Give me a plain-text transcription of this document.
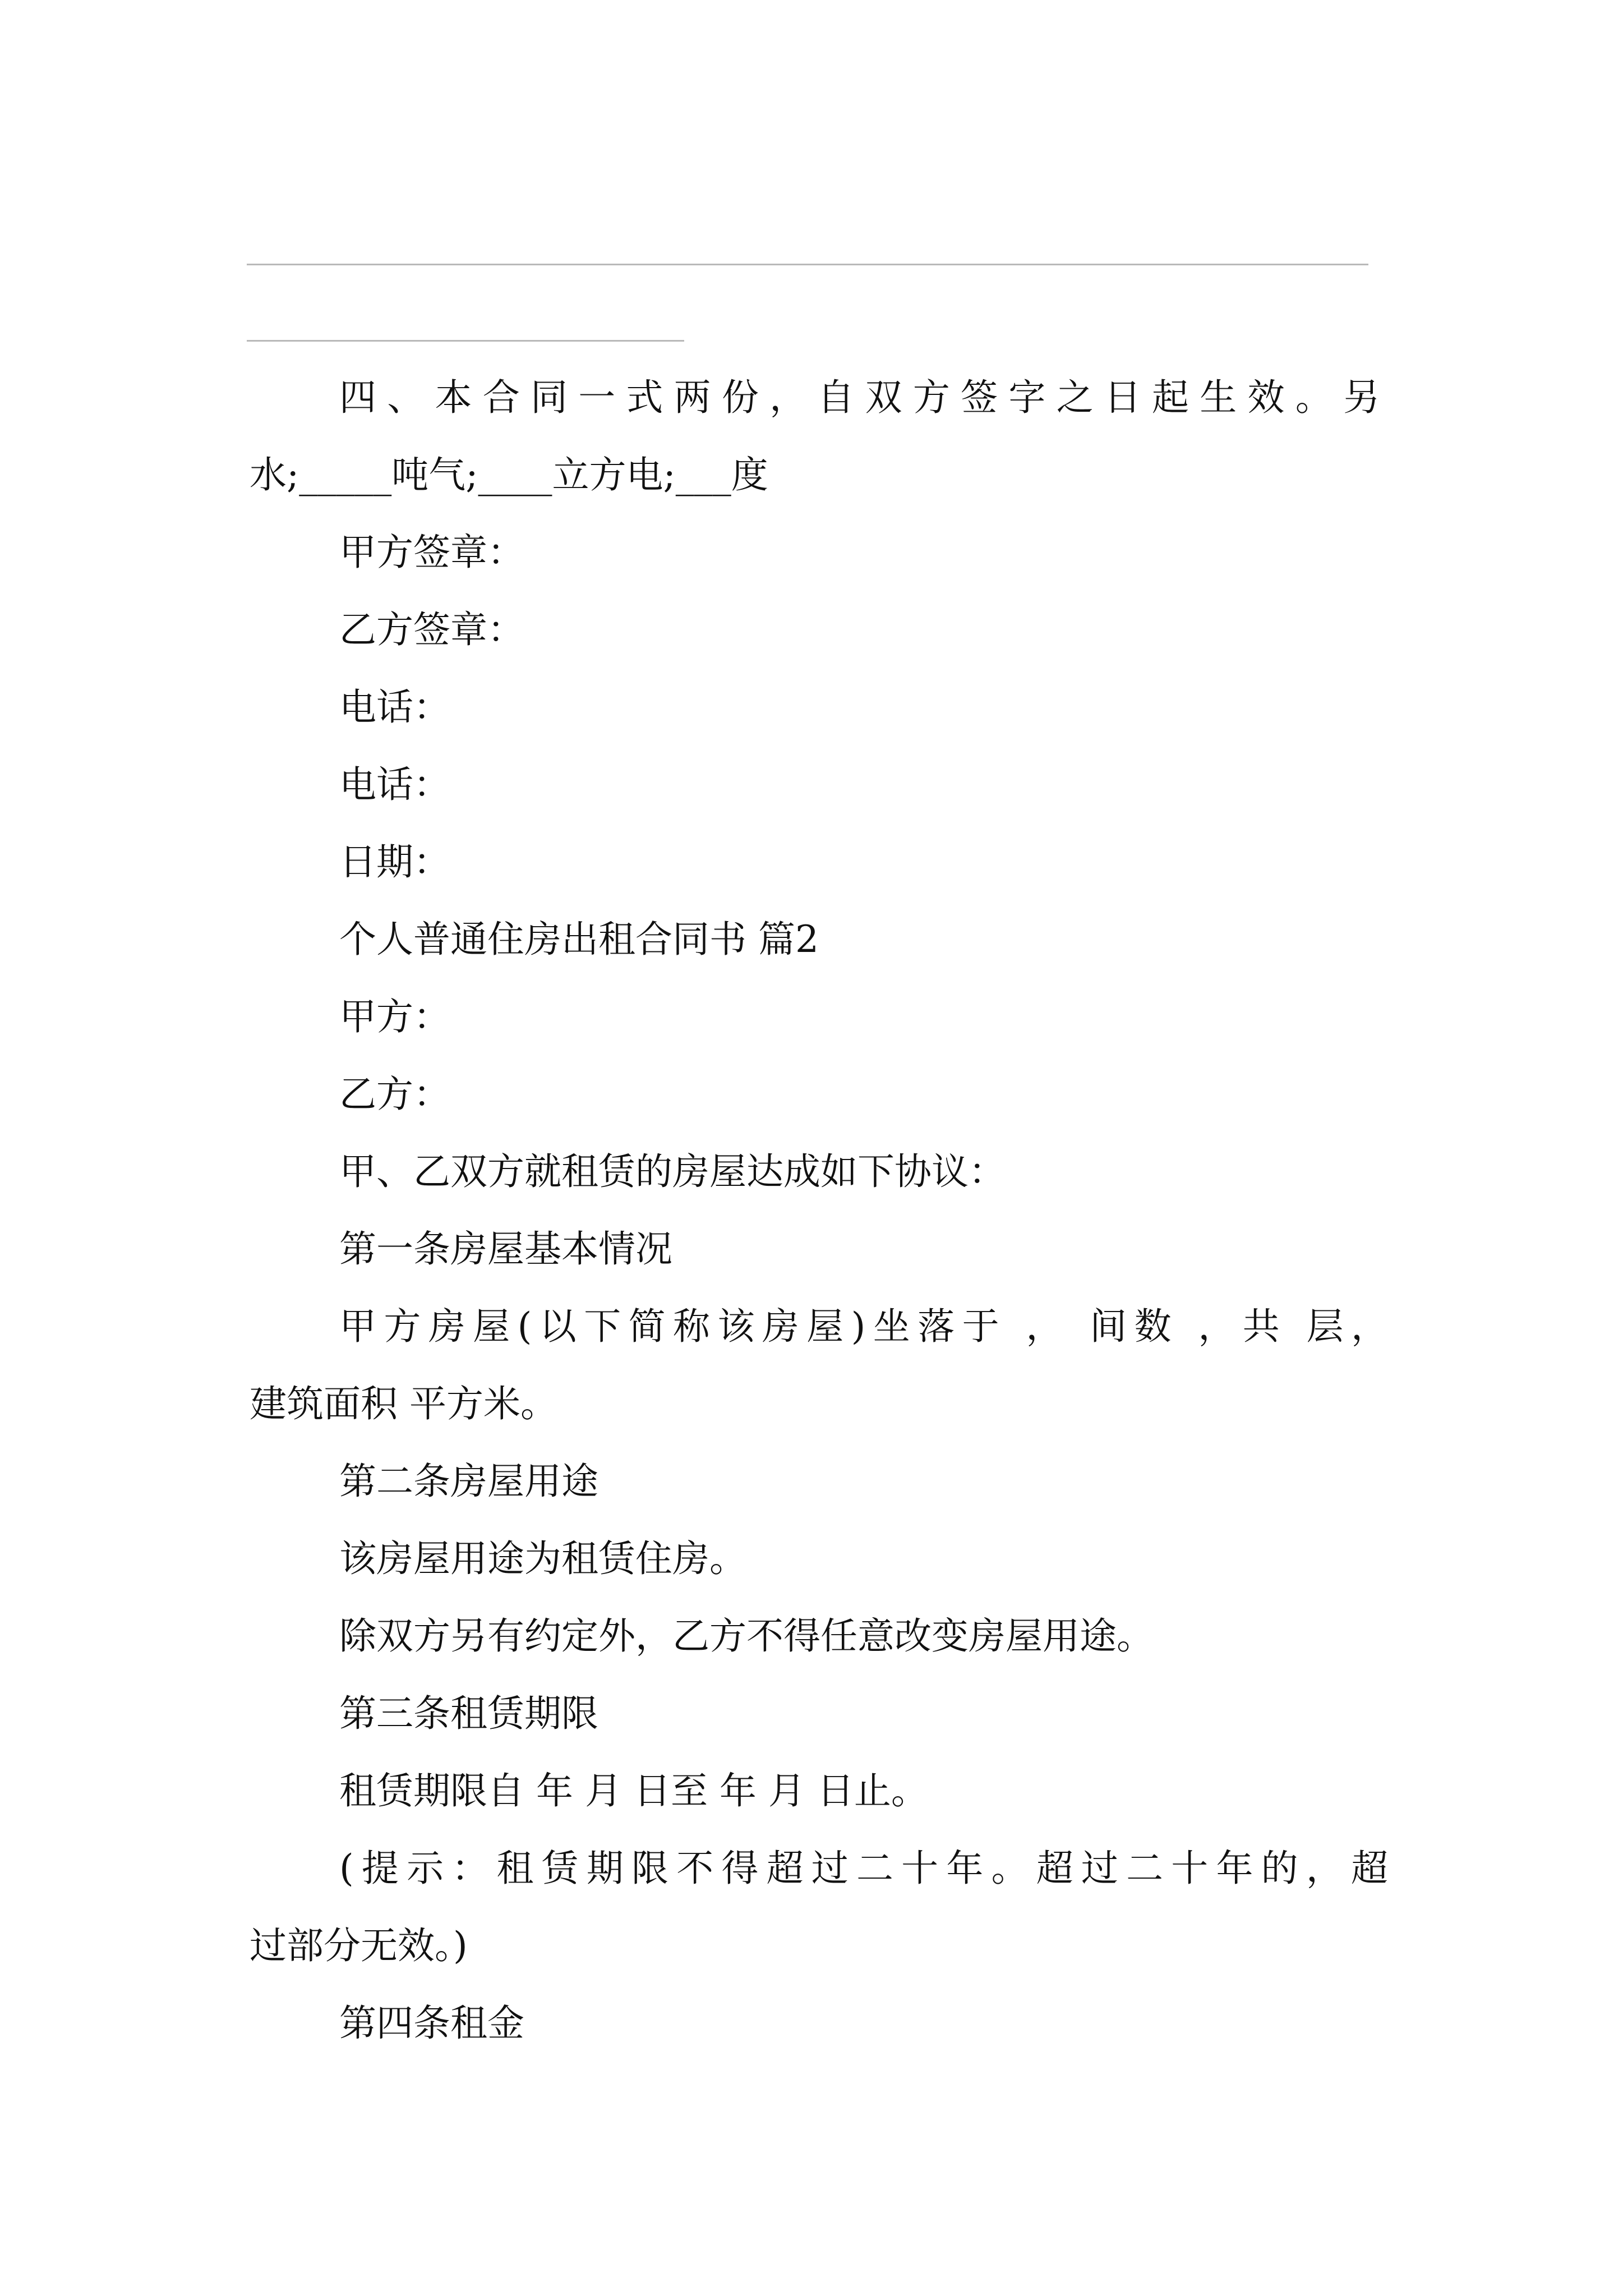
四、本合同一式两份，自双方签字之日起生效。另

水;_____吨气;____立方电;___度

甲方签章：

乙方签章：

电话：

电话：

日期：

个人普通住房出租合同书 篇2

甲方：

乙方：

甲、乙双方就租赁的房屋达成如下协议：

第一条房屋基本情况

甲方房屋(以下简称该房屋)坐落于 ， 间数 ，共 层，

建筑面积 平方米。

第二条房屋用途

该房屋用途为租赁住房。

除双方另有约定外，乙方不得任意改变房屋用途。

第三条租赁期限

租赁期限自 年 月 日至 年 月 日止。

(提示：租赁期限不得超过二十年。超过二十年的，超

过部分无效。)

第四条租金
